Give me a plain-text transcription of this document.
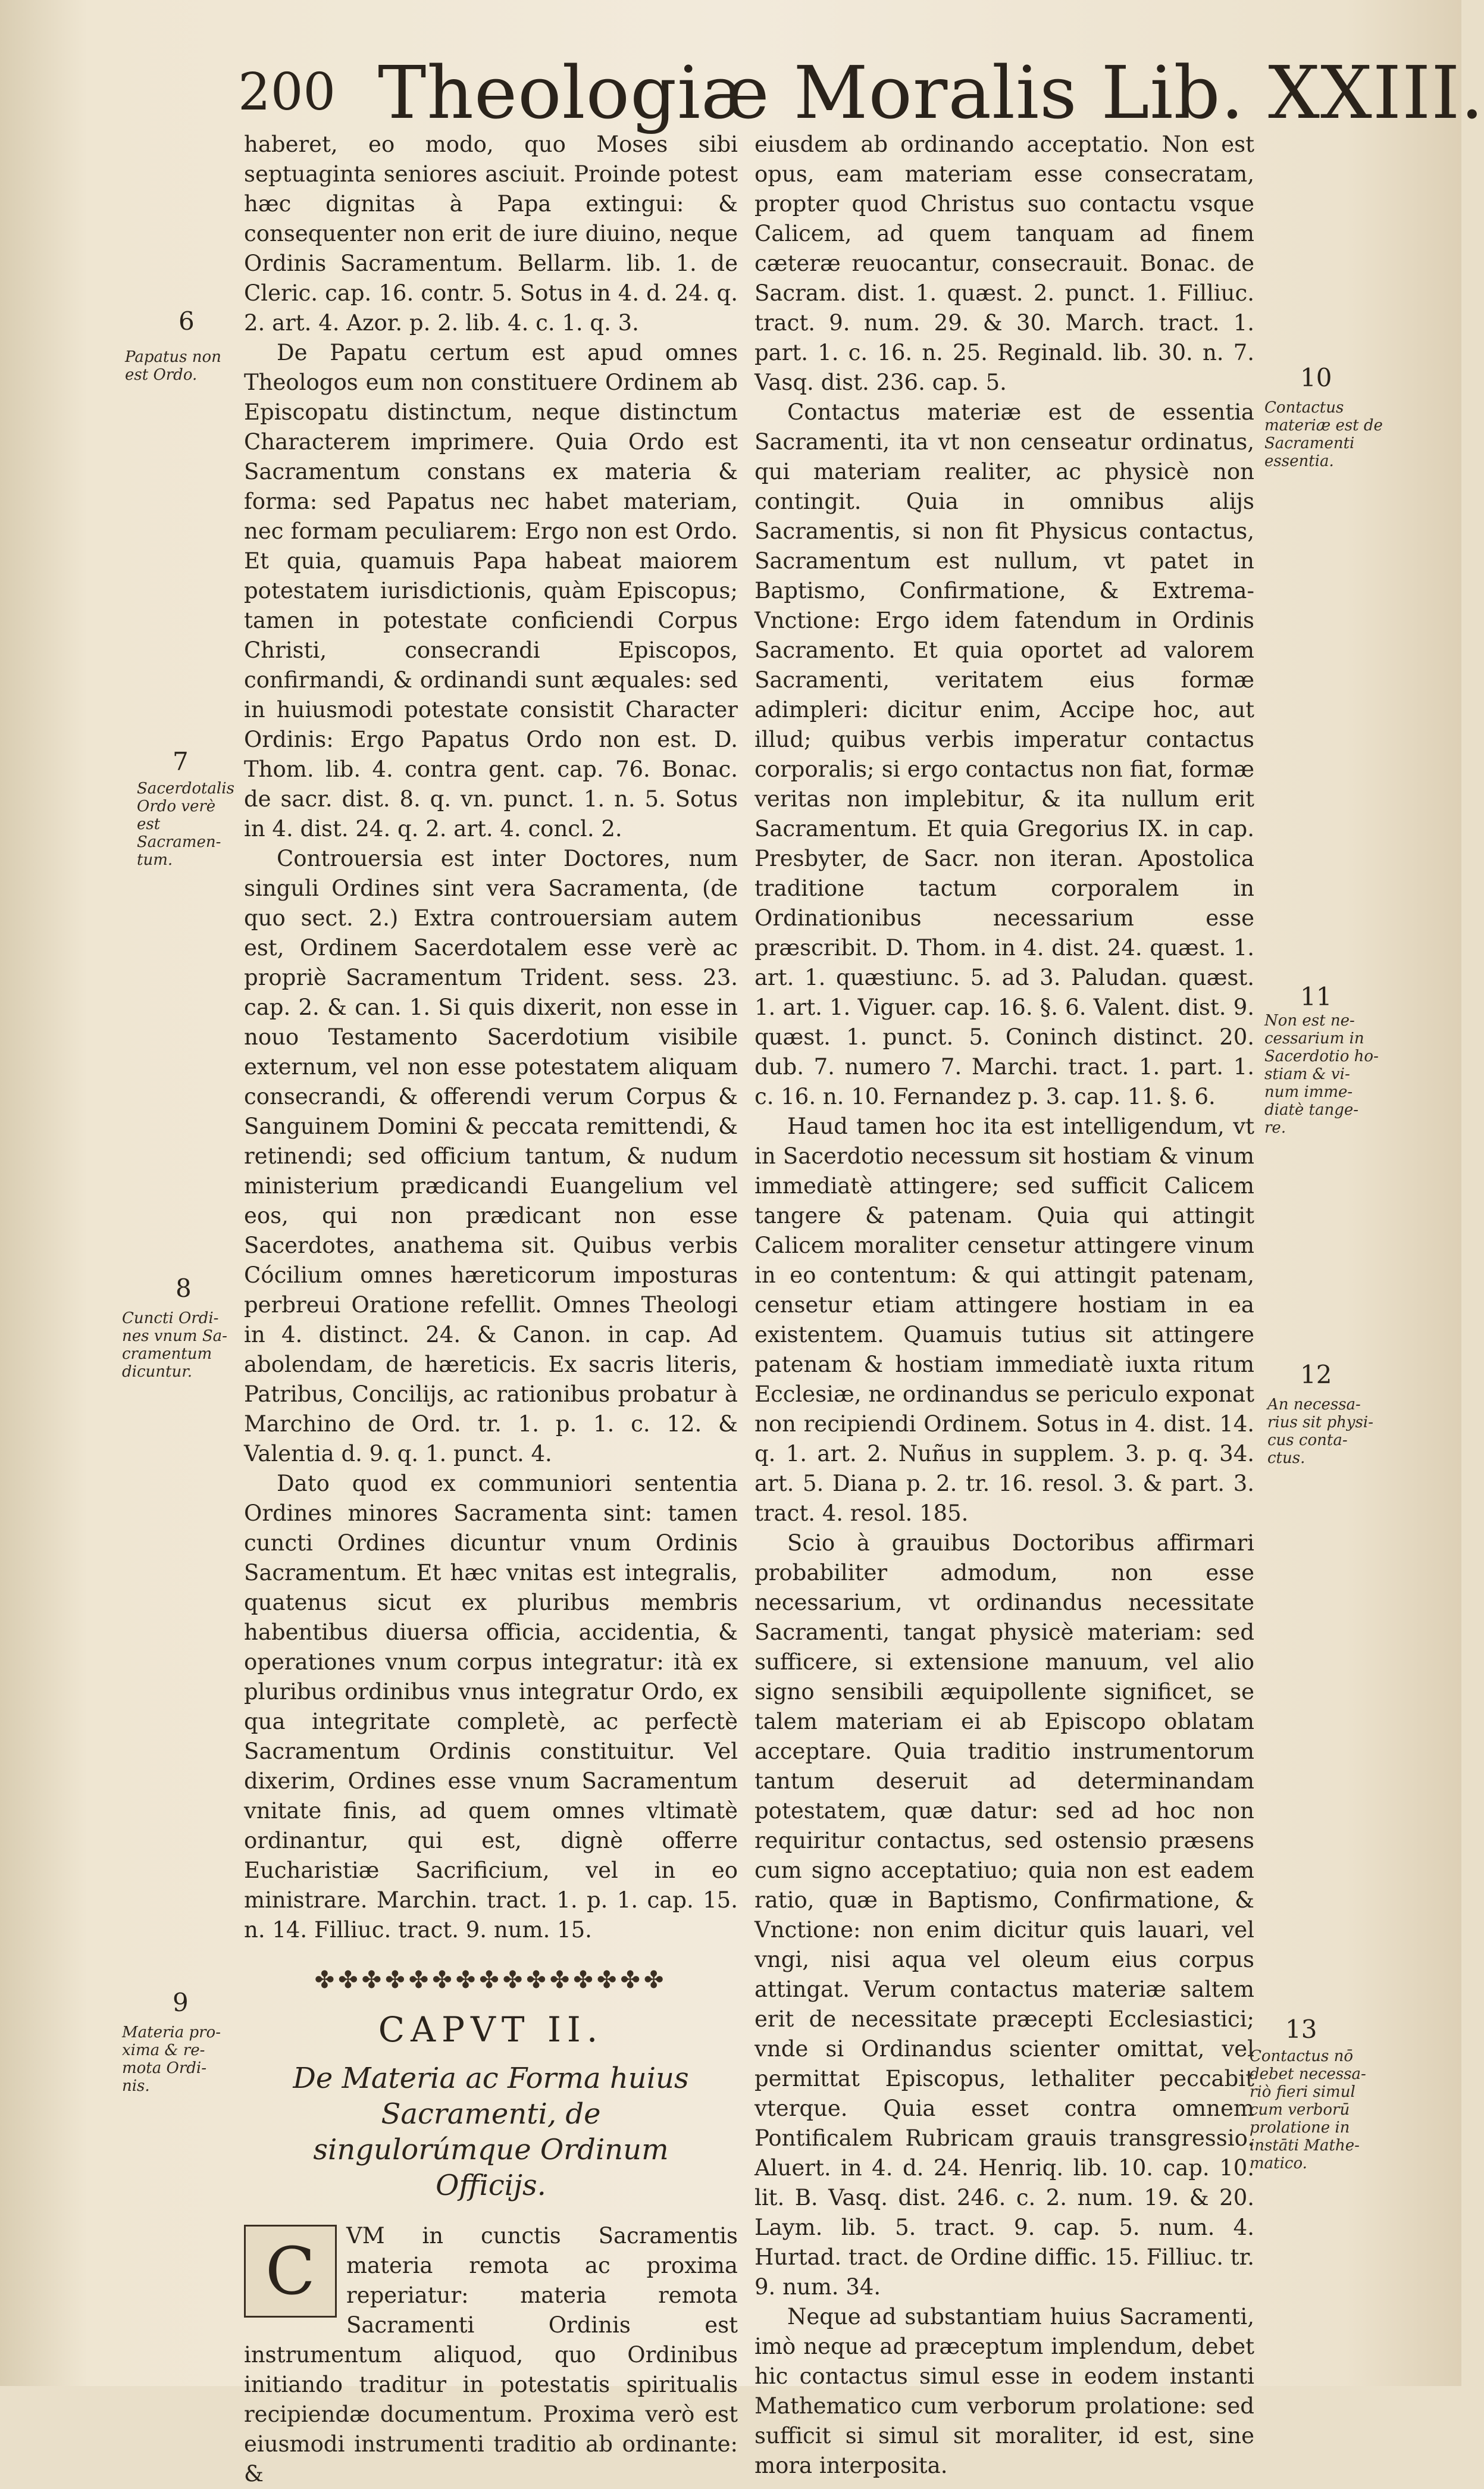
200 Theologiæ Moralis Lib. XXIII.

haberet, eo modo, quo Moses sibi septuaginta seniores asciuit. Proinde potest hæc dignitas à Papa extingui: & consequenter non erit de iure diuino, neque Ordinis Sacramentum. Bellarm. lib. 1. de Cleric. cap. 16. contr. 5. Sotus in 4. d. 24. q. 2. art. 4. Azor. p. 2. lib. 4. c. 1. q. 3.

De Papatu certum est apud omnes Theologos eum non constituere Ordinem ab Episcopatu distinctum, neque distinctum Characterem imprimere. Quia Ordo est Sacramentum constans ex materia & forma: sed Papatus nec habet materiam, nec formam peculiarem: Ergo non est Ordo. Et quia, quamuis Papa habeat maiorem potestatem iurisdictionis, quàm Episcopus; tamen in potestate conficiendi Corpus Christi, consecrandi Episcopos, confirmandi, & ordinandi sunt æquales: sed in huiusmodi potestate consistit Character Ordinis: Ergo Papatus Ordo non est. D. Thom. lib. 4. contra gent. cap. 76. Bonac. de sacr. dist. 8. q. vn. punct. 1. n. 5. Sotus in 4. dist. 24. q. 2. art. 4. concl. 2.

Controuersia est inter Doctores, num singuli Ordines sint vera Sacramenta, (de quo sect. 2.) Extra controuersiam autem est, Ordinem Sacerdotalem esse verè ac propriè Sacramentum Trident. sess. 23. cap. 2. & can. 1. Si quis dixerit, non esse in nouo Testamento Sacerdotium visibile externum, vel non esse potestatem aliquam consecrandi, & offerendi verum Corpus & Sanguinem Domini & peccata remittendi, & retinendi; sed officium tantum, & nudum ministerium prædicandi Euangelium vel eos, qui non prædicant non esse Sacerdotes, anathema sit. Quibus verbis Cócilium omnes hæreticorum imposturas perbreui Oratione refellit. Omnes Theologi in 4. distinct. 24. & Canon. in cap. Ad abolendam, de hæreticis. Ex sacris literis, Patribus, Concilijs, ac rationibus probatur à Marchino de Ord. tr. 1. p. 1. c. 12. & Valentia d. 9. q. 1. punct. 4.

Dato quod ex communiori sententia Ordines minores Sacramenta sint: tamen cuncti Ordines dicuntur vnum Ordinis Sacramentum. Et hæc vnitas est integralis, quatenus sicut ex pluribus membris habentibus diuersa officia, accidentia, & operationes vnum corpus integratur: ità ex pluribus ordinibus vnus integratur Ordo, ex qua integritate completè, ac perfectè Sacramentum Ordinis constituitur. Vel dixerim, Ordines esse vnum Sacramentum vnitate finis, ad quem omnes vltimatè ordinantur, qui est, dignè offerre Eucharistiæ Sacrificium, vel in eo ministrare. Marchin. tract. 1. p. 1. cap. 15. n. 14. Filliuc. tract. 9. num. 15.

✤✤✤✤✤✤✤✤✤✤✤✤✤✤✤
CAPVT II.
De Materia ac Forma huius Sacramenti, de singulorúmque Ordinum Officijs.
C	VM in cunctis Sacramentis materia remota ac proxima reperiatur: materia remota Sacramenti Ordinis est instrumentum aliquod, quo Ordinibus initiando traditur in potestatis spiritualis recipiendæ documentum. Proxima verò est eiusmodi instrumenti traditio ab ordinante: &

eiusdem ab ordinando acceptatio. Non est opus, eam materiam esse consecratam, propter quod Christus suo contactu vsque Calicem, ad quem tanquam ad finem cæteræ reuocantur, consecrauit. Bonac. de Sacram. dist. 1. quæst. 2. punct. 1. Filliuc. tract. 9. num. 29. & 30. March. tract. 1. part. 1. c. 16. n. 25. Reginald. lib. 30. n. 7. Vasq. dist. 236. cap. 5.

Contactus materiæ est de essentia Sacramenti, ita vt non censeatur ordinatus, qui materiam realiter, ac physicè non contingit. Quia in omnibus alijs Sacramentis, si non fit Physicus contactus, Sacramentum est nullum, vt patet in Baptismo, Confirmatione, & Extrema-Vnctione: Ergo idem fatendum in Ordinis Sacramento. Et quia oportet ad valorem Sacramenti, veritatem eius formæ adimpleri: dicitur enim, Accipe hoc, aut illud; quibus verbis imperatur contactus corporalis; si ergo contactus non fiat, formæ veritas non implebitur, & ita nullum erit Sacramentum. Et quia Gregorius IX. in cap. Presbyter, de Sacr. non iteran. Apostolica traditione tactum corporalem in Ordinationibus necessarium esse præscribit. D. Thom. in 4. dist. 24. quæst. 1. art. 1. quæstiunc. 5. ad 3. Paludan. quæst. 1. art. 1. Viguer. cap. 16. §. 6. Valent. dist. 9. quæst. 1. punct. 5. Coninch distinct. 20. dub. 7. numero 7. Marchi. tract. 1. part. 1. c. 16. n. 10. Fernandez p. 3. cap. 11. §. 6.

Haud tamen hoc ita est intelligendum, vt in Sacerdotio necessum sit hostiam & vinum immediatè attingere; sed sufficit Calicem tangere & patenam. Quia qui attingit Calicem moraliter censetur attingere vinum in eo contentum: & qui attingit patenam, censetur etiam attingere hostiam in ea existentem. Quamuis tutius sit attingere patenam & hostiam immediatè iuxta ritum Ecclesiæ, ne ordinandus se periculo exponat non recipiendi Ordinem. Sotus in 4. dist. 14. q. 1. art. 2. Nuñus in supplem. 3. p. q. 34. art. 5. Diana p. 2. tr. 16. resol. 3. & part. 3. tract. 4. resol. 185.

Scio à grauibus Doctoribus affirmari probabiliter admodum, non esse necessarium, vt ordinandus necessitate Sacramenti, tangat physicè materiam: sed sufficere, si extensione manuum, vel alio signo sensibili æquipollente significet, se talem materiam ei ab Episcopo oblatam acceptare. Quia traditio instrumentorum tantum deseruit ad determinandam potestatem, quæ datur: sed ad hoc non requiritur contactus, sed ostensio præsens cum signo acceptatiuo; quia non est eadem ratio, quæ in Baptismo, Confirmatione, & Vnctione: non enim dicitur quis lauari, vel vngi, nisi aqua vel oleum eius corpus attingat. Verum contactus materiæ saltem erit de necessitate præcepti Ecclesiastici; vnde si Ordinandus scienter omittat, vel permittat Episcopus, lethaliter peccabit vterque. Quia esset contra omnem Pontificalem Rubricam grauis transgressio. Aluert. in 4. d. 24. Henriq. lib. 10. cap. 10. lit. B. Vasq. dist. 246. c. 2. num. 19. & 20. Laym. lib. 5. tract. 9. cap. 5. num. 4. Hurtad. tract. de Ordine diffic. 15. Filliuc. tr. 9. num. 34.

Neque ad substantiam huius Sacramenti, imò neque ad præceptum implendum, debet hic contactus simul esse in eodem instanti Mathematico cum verborum prolatione: sed sufficit si simul sit moraliter, id est, sine mora interposita.

6
7
8
9
10
11
12
13
Papatus non
est Ordo.
Sacerdotalis
Ordo verè est
Sacramen-
tum.
Cuncti Ordi-
nes vnum Sa-
cramentum
dicuntur.
Materia pro-
xima & re-
mota Ordi-
nis.
Contactus
materiæ est de
Sacramenti
essentia.
Non est ne-
cessarium in
Sacerdotio ho-
stiam & vi-
num imme-
diatè tange-
re.
An necessa-
rius sit physi-
cus conta-
ctus.
Contactus nō
debet necessa-
riò fieri simul
cum verborū
prolatione in
instāti Mathe-
matico.
